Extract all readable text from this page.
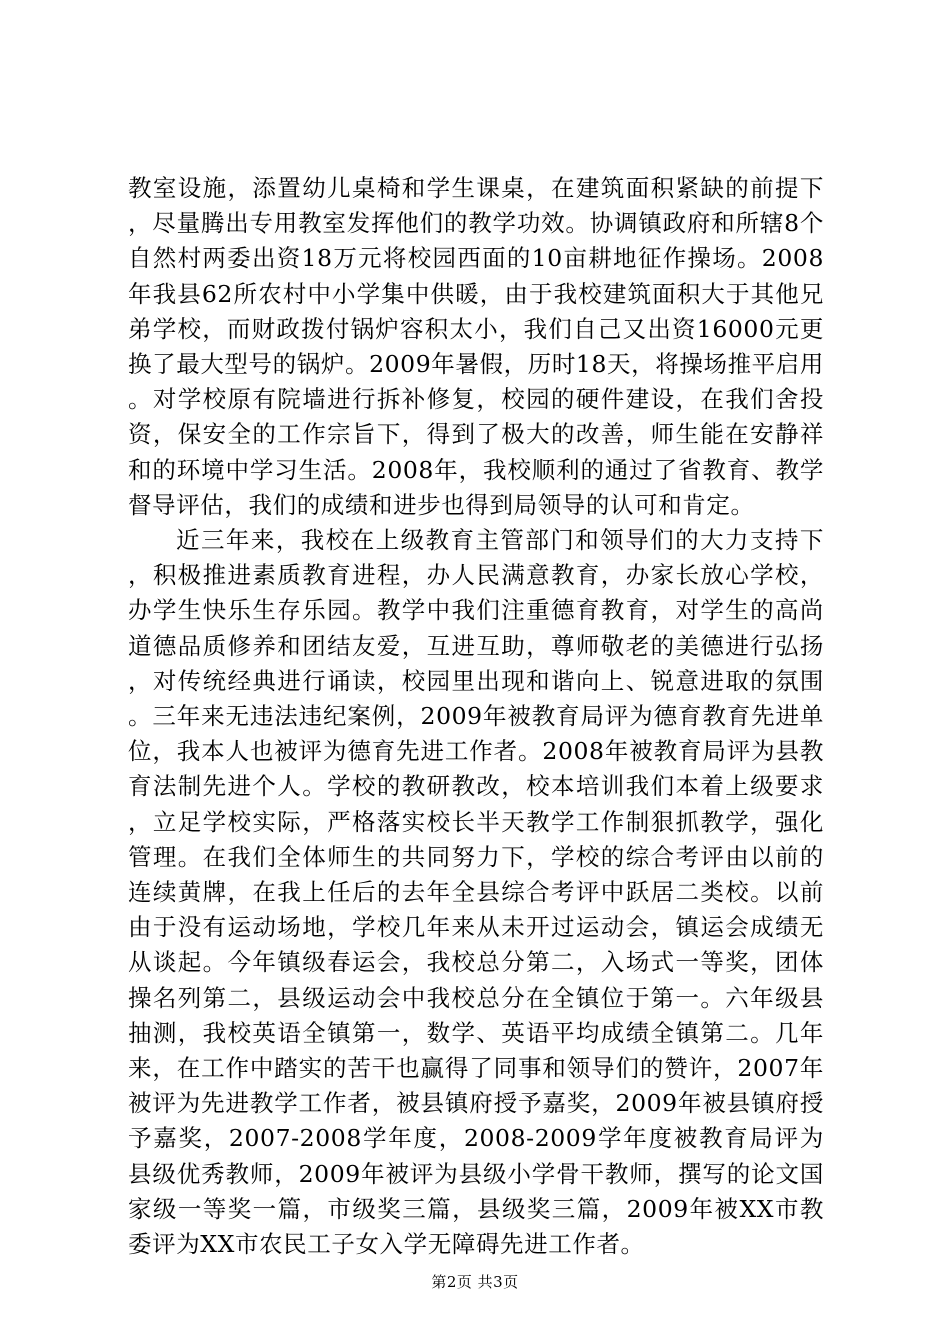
教室设施，添置幼儿桌椅和学生课桌，在建筑面积紧缺的前提下，尽量腾出专用教室发挥他们的教学功效。协调镇政府和所辖8个自然村两委出资18万元将校园西面的10亩耕地征作操场。2008年我县62所农村中小学集中供暖，由于我校建筑面积大于其他兄弟学校，而财政拨付锅炉容积太小，我们自己又出资16000元更换了最大型号的锅炉。2009年暑假，历时18天，将操场推平启用。对学校原有院墙进行拆补修复，校园的硬件建设，在我们舍投资，保安全的工作宗旨下，得到了极大的改善，师生能在安静祥和的环境中学习生活。2008年，我校顺利的通过了省教育、教学督导评估，我们的成绩和进步也得到局领导的认可和肯定。

近三年来，我校在上级教育主管部门和领导们的大力支持下，积极推进素质教育进程，办人民满意教育，办家长放心学校，办学生快乐生存乐园。教学中我们注重德育教育，对学生的高尚道德品质修养和团结友爱，互进互助，尊师敬老的美德进行弘扬，对传统经典进行诵读，校园里出现和谐向上、锐意进取的氛围。三年来无违法违纪案例，2009年被教育局评为德育教育先进单位，我本人也被评为德育先进工作者。2008年被教育局评为县教育法制先进个人。学校的教研教改，校本培训我们本着上级要求，立足学校实际，严格落实校长半天教学工作制狠抓教学，强化管理。在我们全体师生的共同努力下，学校的综合考评由以前的连续黄牌，在我上任后的去年全县综合考评中跃居二类校。以前由于没有运动场地，学校几年来从未开过运动会，镇运会成绩无从谈起。今年镇级春运会，我校总分第二，入场式一等奖，团体操名列第二，县级运动会中我校总分在全镇位于第一。六年级县抽测，我校英语全镇第一，数学、英语平均成绩全镇第二。几年来，在工作中踏实的苦干也赢得了同事和领导们的赞许，2007年被评为先进教学工作者，被县镇府授予嘉奖，2009年被县镇府授予嘉奖，2007-2008学年度，2008-2009学年度被教育局评为县级优秀教师，2009年被评为县级小学骨干教师，撰写的论文国家级一等奖一篇，市级奖三篇，县级奖三篇，2009年被XX市教委评为XX市农民工子女入学无障碍先进工作者。

第2页 共3页
